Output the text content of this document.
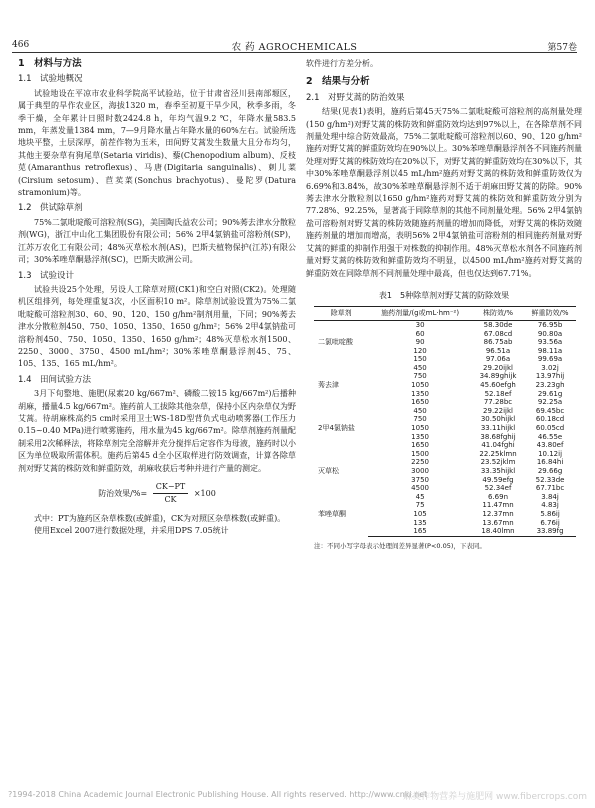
466	农 药 AGROCHEMICALS	第57卷
1　 材料与方法
1.1 试验地概况

试验地设在平凉市农业科学院高平试验站，位于甘肃省泾川县南部塬区，属于典型的旱作农业区，海拔1320 m，春季至初夏干旱少风，秋季多雨，冬季干燥，全年累计日照时数2424.8 h，年均气温9.2 ℃，年降水量583.5 mm，年蒸发量1384 mm，7—9月降水量占年降水量的60%左右。试验所选地块平整，土层深厚，前茬作物为玉米，田间野艾蒿发生数量大且分布均匀，其他主要杂草有狗尾草(Setaria viridis)、藜(Chenopodium album)、反枝苋(Amaranthus retroflexus)、马唐(Digitaria sanguinalis)、刺儿菜(Cirsium setosum)、苣荬菜(Sonchus brachyotus)、曼陀罗(Datura stramonium)等。

1.2 供试除草剂

75%二氯吡啶酸可溶粒剂(SG)，美国陶氏益农公司；90%莠去津水分散粒剂(WG)，浙江中山化工集团股份有限公司；56% 2甲4氯钠盐可溶粉剂(SP)，江苏万农化工有限公司；48%灭草松水剂(AS)，巴斯夫植物保护(江苏)有限公司；30%苯唑草酮悬浮剂(SC)，巴斯夫欧洲公司。

1.3 试验设计

试验共设25个处理，另设人工除草对照(CK1)和空白对照(CK2)。处理随机区组排列，每处理重复3次，小区面积10 m²。除草剂试验设置为75%二氯吡啶酸可溶粒剂30、60、90、120、150 g/hm²制剂用量，下同；90%莠去津水分散粒剂450、750、1050、1350、1650 g/hm²；56% 2甲4氯钠盐可溶粉剂450、750、1050、1350、1650 g/hm²；48%灭草松水剂1500、2250、3000、3750、4500 mL/hm²；30%苯唑草酮悬浮剂45、75、105、135、165 mL/hm²。

1.4 田间试验方法

3月下旬整地、施肥(尿素20 kg/667m²、磷酸二铵15 kg/667m²)后播种胡麻，播量4.5 kg/667m²。施药前人工拔除其他杂草，保持小区内杂草仅为野艾蒿。待胡麻株高约5 cm时采用卫士WS-18D型背负式电动喷雾器(工作压力0.15~0.40 MPa)进行喷雾施药，用水量为45 kg/667m²。除草剂施药剂量配制采用2次稀释法，将除草剂完全溶解并充分搅拌后定容作为母液，施药时以小区为单位吸取所需体积。施药后第45 d全小区取样进行防效调查，计算各除草剂对野艾蒿的株防效和鲜重防效，胡麻收获后考种并进行产量的测定。

防治效果/%= $\frac{CK-PT}{CK} \times 100$

式中：PT为施药区杂草株数(或鲜重)，CK为对照区杂草株数(或鲜重)。

使用Excel 2007进行数据处理，并采用DPS 7.05统计

软件进行方差分析。

2　 结果与分析
2.1 对野艾蒿的防治效果

结果(见表1)表明，施药后第45天75%二氯吡啶酸可溶粒剂的高剂量处理(150 g/hm²)对野艾蒿的株防效和鲜重防效均达到97%以上，在各除草剂不同剂量处理中综合防效最高，75%二氯吡啶酸可溶粒剂以60、90、120 g/hm²施药对野艾蒿的鲜重防效均在90%以上。30%苯唑草酮悬浮剂各不同施药剂量处理对野艾蒿的株防效均在20%以下，对野艾蒿的鲜重防效均在30%以下，其中30%苯唑草酮悬浮剂以45 mL/hm²施药对野艾蒿的株防效和鲜重防效仅为6.69%和3.84%，故30%苯唑草酮悬浮剂不适于胡麻田野艾蒿的防除。90%莠去津水分散粒剂以1650 g/hm²施药对野艾蒿的株防效和鲜重防效分别为77.28%、92.25%，显著高于同除草剂的其他不同剂量处理。56% 2甲4氯钠盐可溶粉剂对野艾蒿的株防效随施药剂量的增加而降低，对野艾蒿的株防效随施药剂量的增加而增高，表明56% 2甲4氯钠盐可溶粉剂的相同施药剂量对野艾蒿的鲜重的抑制作用强于对株数的抑制作用。48%灭草松水剂各不同施药剂量对野艾蒿的株防效和鲜重防效均不明显，以4500 mL/hm²施药对野艾蒿的鲜重防效在同除草剂不同剂量处理中最高，但也仅达到67.71%。

表1　5种除草剂对野艾蒿的防除效果
除草剂	施药剂量/(g或mL·hm⁻²)	株防效/%	鲜重防效/%
二氯吡啶酸	30	58.30de	76.95b
	60	67.08cd	90.80a
	90	86.75ab	93.56a
	120	96.51a	98.11a
	150	97.06a	99.69a
莠去津	450	29.20ijkl	3.02j
	750	34.89ghijk	13.97hij
	1050	45.60efgh	23.23gh
	1350	52.18ef	29.61g
	1650	77.28bc	92.25a
2甲4氯钠盐	450	29.22ijkl	69.45bc
	750	30.50hijkl	60.18cd
	1050	33.11hijkl	60.05cd
	1350	38.68fghij	46.55e
	1650	41.04fghi	43.80ef
灭草松	1500	22.25klmn	10.12ij
	2250	23.52jklm	16.84hi
	3000	33.35hijkl	29.66g
	3750	49.59efg	52.33de
	4500	52.34ef	67.71bc
苯唑草酮	45	6.69n	3.84j
	75	11.47mn	4.83j
	105	12.37mn	5.86ij
	135	13.67mn	6.76ij
	165	18.40lmn	33.89fg
注：不同小写字母表示处理间差异显著(P<0.05)，下表同。
?1994-2018 China Academic Journal Electronic Publishing House. All rights reserved. http://www.cnki.net
麻类作物营养与施肥网 www.fibercrops.com
